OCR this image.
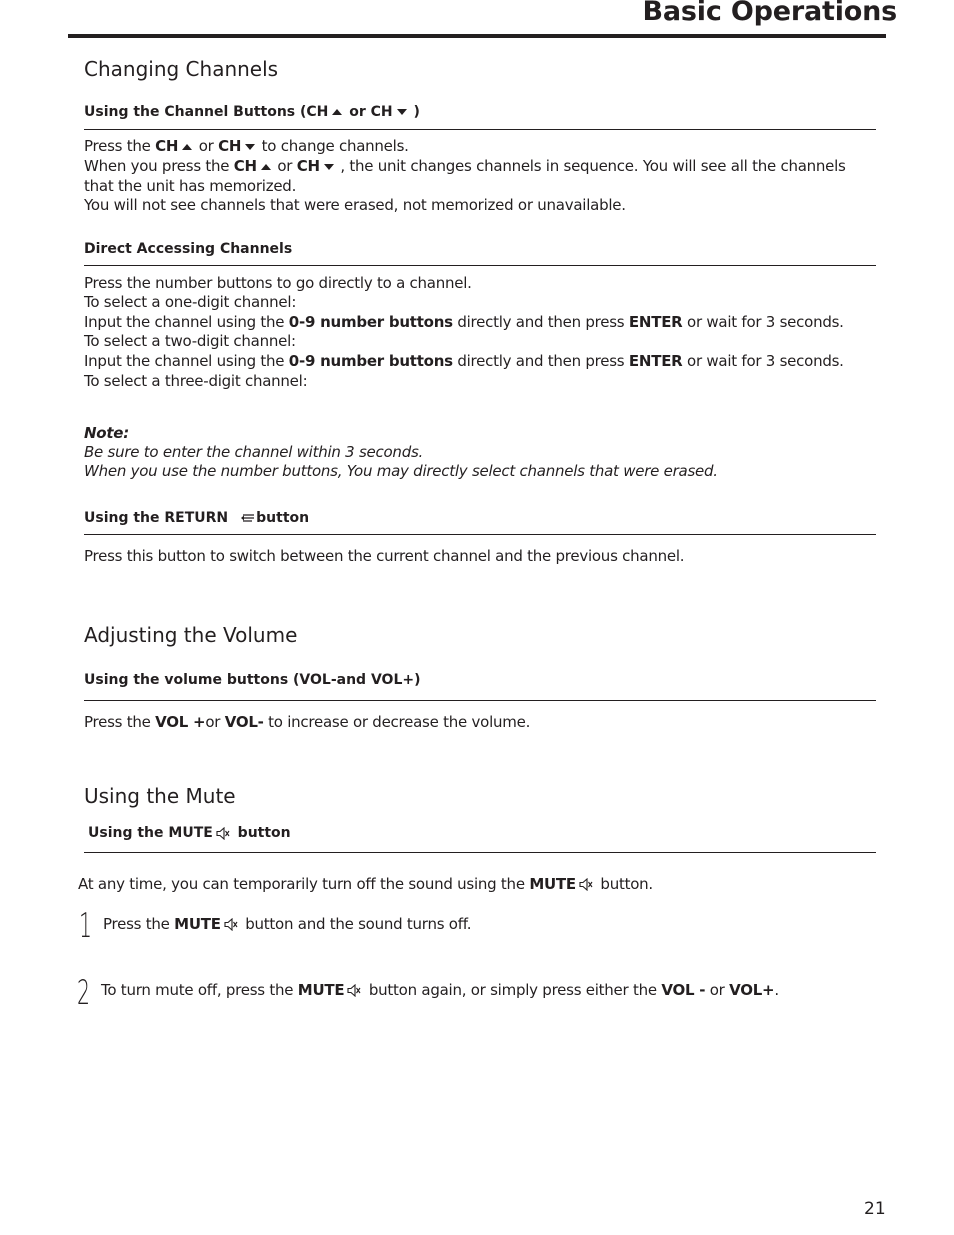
Basic Operations
Changing Channels
Using the Channel Buttons (CH or CH )
Press the CH or CH to change channels.
When you press the CH or CH , the unit changes channels in sequence. You will see all the channels
that the unit has memorized.
You will not see channels that were erased, not memorized or unavailable.
Direct Accessing Channels
Press the number buttons to go directly to a channel.
To select a one-digit channel:
Input the channel using the 0-9 number buttons directly and then press ENTER or wait for 3 seconds.
To select a two-digit channel:
Input the channel using the 0-9 number buttons directly and then press ENTER or wait for 3 seconds.
To select a three-digit channel:
Note:
Be sure to enter the channel within 3 seconds.
When you use the number buttons, You may directly select channels that were erased.
Using the RETURN button
Press this button to switch between the current channel and the previous channel.
Adjusting the Volume
Using the volume buttons (VOL-and VOL+)
Press the VOL +or VOL- to increase or decrease the volume.
Using the Mute
Using the MUTE button
At any time, you can temporarily turn off the sound using the MUTE button.
1 Press the MUTE button and the sound turns off.
2 To turn mute off, press the MUTE button again, or simply press either the VOL - or VOL+.
21
